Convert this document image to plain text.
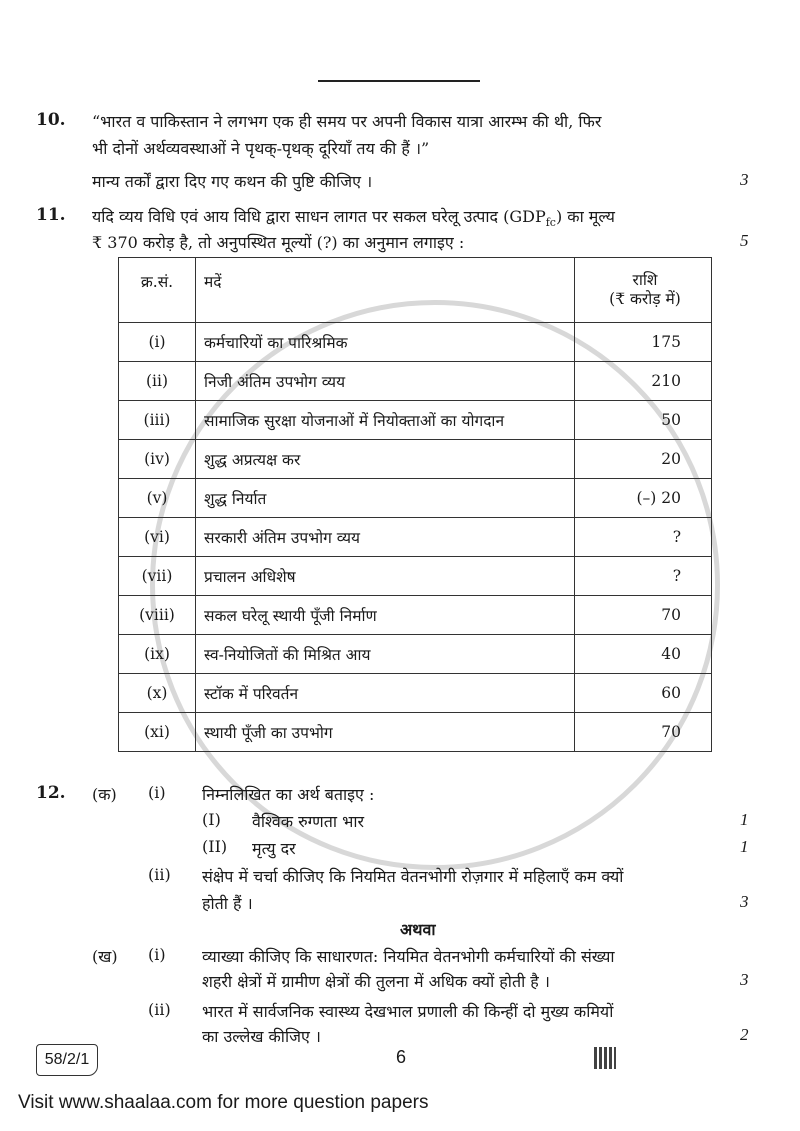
10. “भारत व पाकिस्तान ने लगभग एक ही समय पर अपनी विकास यात्रा आरम्भ की थी, फिर
भी दोनों अर्थव्यवस्थाओं ने पृथक्-पृथक् दूरियाँ तय की हैं ।”
मान्य तर्कों द्वारा दिए गए कथन की पुष्टि कीजिए ।	3
11. यदि व्यय विधि एवं आय विधि द्वारा साधन लागत पर सकल घरेलू उत्पाद $(GDP_{fc})$ का मूल्य
₹ 370 करोड़ है, तो अनुपस्थित मूल्यों (?) का अनुमान लगाइए :	5
क्र.सं.	मदें	राशि
(₹ करोड़ में)

(i)	कर्मचारियों का पारिश्रमिक	175
(ii)	निजी अंतिम उपभोग व्यय	210
(iii)	सामाजिक सुरक्षा योजनाओं में नियोक्ताओं का योगदान	50
(iv)	शुद्ध अप्रत्यक्ष कर	20
(v)	शुद्ध निर्यात	(–) 20
(vi)	सरकारी अंतिम उपभोग व्यय	?
(vii)	प्रचालन अधिशेष	?
(viii)	सकल घरेलू स्थायी पूँजी निर्माण	70
(ix)	स्व-नियोजितों की मिश्रित आय	40
(x)	स्टॉक में परिवर्तन	60
(xi)	स्थायी पूँजी का उपभोग	70
12. (क) (i) निम्नलिखित का अर्थ बताइए :
(I) वैश्विक रुग्णता भार	1
(II) मृत्यु दर	1
(ii) संक्षेप में चर्चा कीजिए कि नियमित वेतनभोगी रोज़गार में महिलाएँ कम क्यों
होती हैं ।	3
अथवा
(ख) (i) व्याख्या कीजिए कि साधारणत: नियमित वेतनभोगी कर्मचारियों की संख्या
शहरी क्षेत्रों में ग्रामीण क्षेत्रों की तुलना में अधिक क्यों होती है ।	3
(ii) भारत में सार्वजनिक स्वास्थ्य देखभाल प्रणाली की किन्हीं दो मुख्य कमियों
का उल्लेख कीजिए ।	2
58/2/1	6
Visit www.shaalaa.com for more question papers
